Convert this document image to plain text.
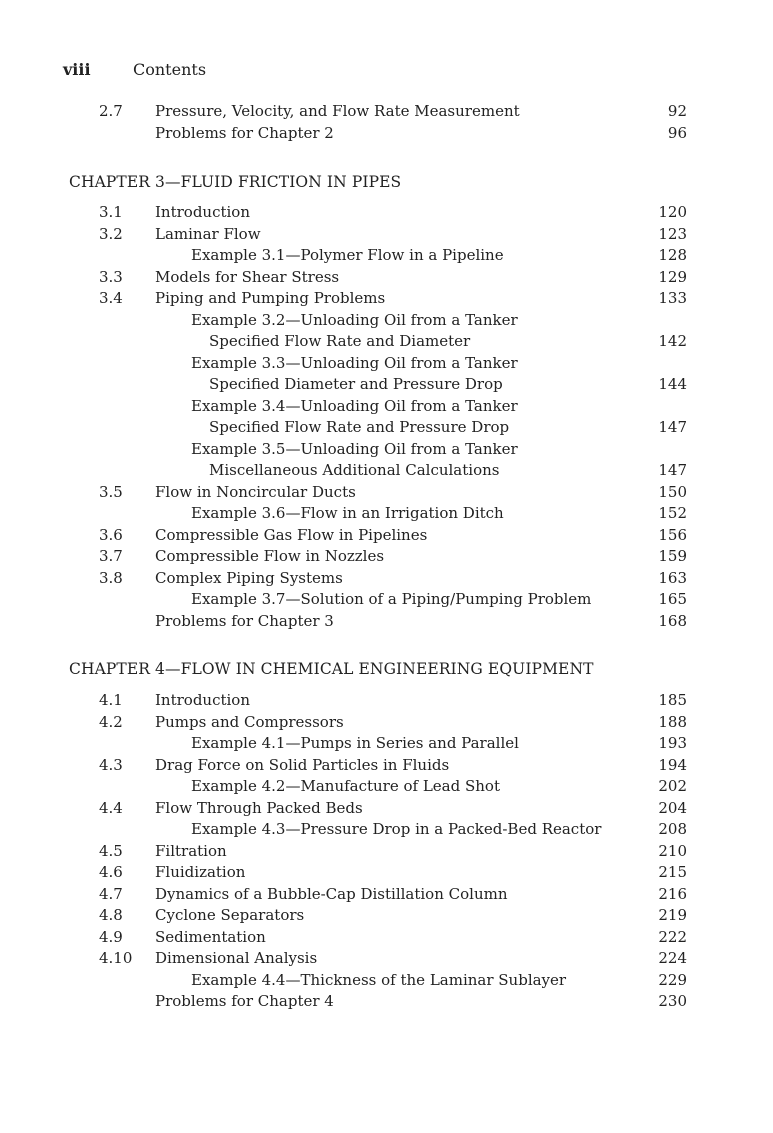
viii	Contents
2.7 Pressure, Velocity, and Flow Rate Measurement	92
Problems for Chapter 2	96
CHAPTER 3—FLUID FRICTION IN PIPES
3.1 Introduction	120
3.2 Laminar Flow	123
Example 3.1—Polymer Flow in a Pipeline	128
3.3 Models for Shear Stress	129
3.4 Piping and Pumping Problems	133
Example 3.2—Unloading Oil from a Tanker
Specified Flow Rate and Diameter	142
Example 3.3—Unloading Oil from a Tanker
Specified Diameter and Pressure Drop	144
Example 3.4—Unloading Oil from a Tanker
Specified Flow Rate and Pressure Drop	147
Example 3.5—Unloading Oil from a Tanker
Miscellaneous Additional Calculations	147
3.5 Flow in Noncircular Ducts	150
Example 3.6—Flow in an Irrigation Ditch	152
3.6 Compressible Gas Flow in Pipelines	156
3.7 Compressible Flow in Nozzles	159
3.8 Complex Piping Systems	163
Example 3.7—Solution of a Piping/Pumping Problem	165
Problems for Chapter 3	168
CHAPTER 4—FLOW IN CHEMICAL ENGINEERING EQUIPMENT
4.1 Introduction	185
4.2 Pumps and Compressors	188
Example 4.1—Pumps in Series and Parallel	193
4.3 Drag Force on Solid Particles in Fluids	194
Example 4.2—Manufacture of Lead Shot	202
4.4 Flow Through Packed Beds	204
Example 4.3—Pressure Drop in a Packed-Bed Reactor	208
4.5 Filtration	210
4.6 Fluidization	215
4.7 Dynamics of a Bubble-Cap Distillation Column	216
4.8 Cyclone Separators	219
4.9 Sedimentation	222
4.10 Dimensional Analysis	224
Example 4.4—Thickness of the Laminar Sublayer	229
Problems for Chapter 4	230
